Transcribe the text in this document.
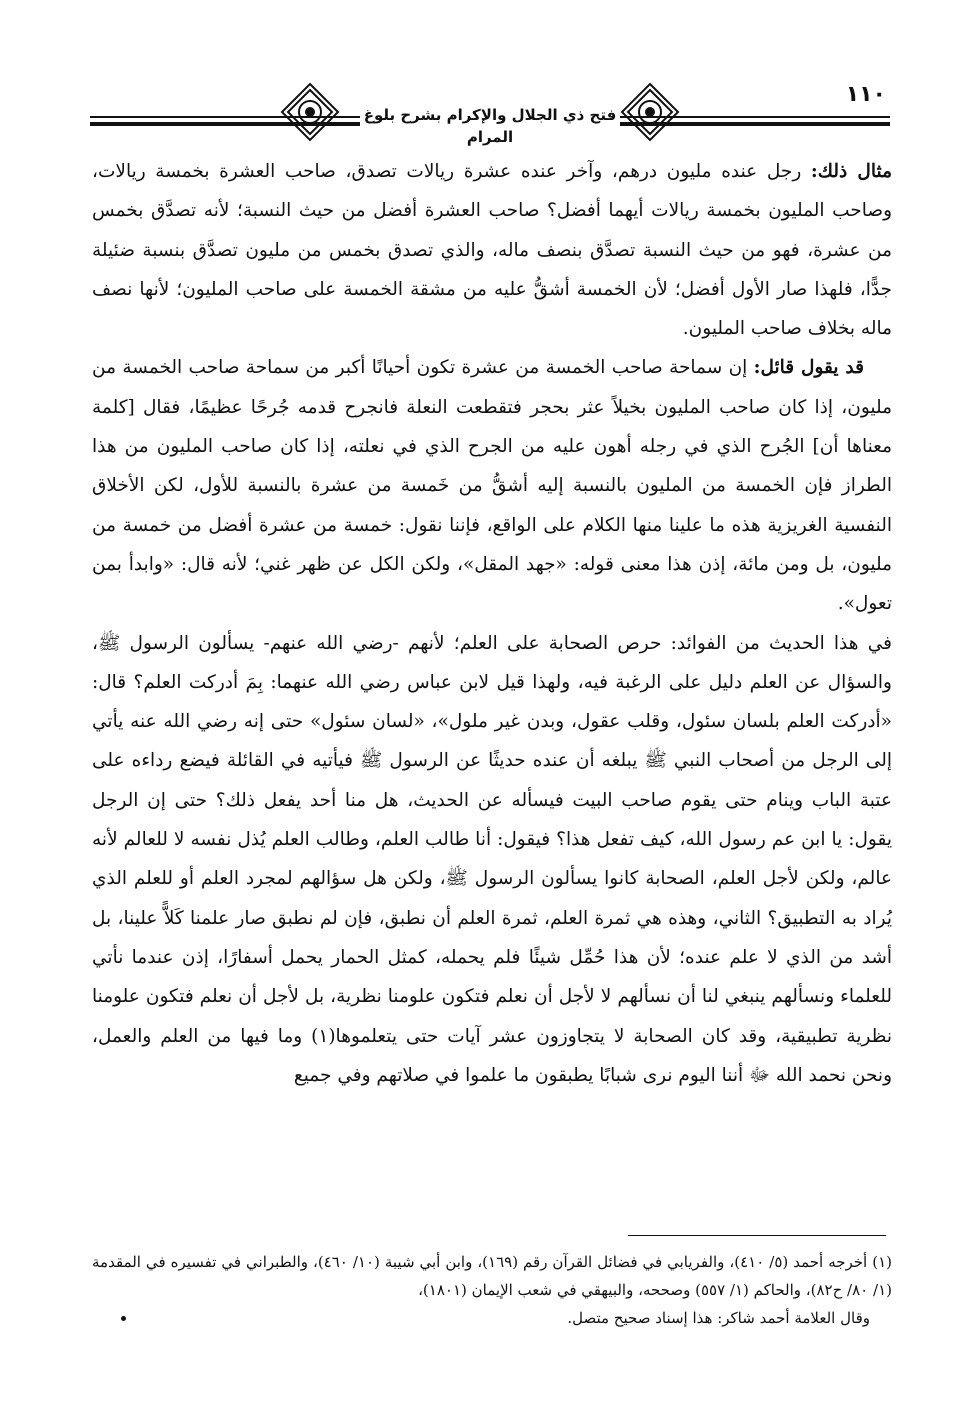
فتح ذي الجلال والإكرام بشرح بلوغ المرام
١١٠

مثال ذلك: رجل عنده مليون درهم، وآخر عنده عشرة ريالات تصدق، صاحب العشرة بخمسة ريالات، وصاحب المليون بخمسة ريالات أيهما أفضل؟ صاحب العشرة أفضل من حيث النسبة؛ لأنه تصدَّق بخمس من عشرة، فهو من حيث النسبة تصدَّق بنصف ماله، والذي تصدق بخمس من مليون تصدَّق بنسبة ضئيلة جدًّا، فلهذا صار الأول أفضل؛ لأن الخمسة أشقُّ عليه من مشقة الخمسة على صاحب المليون؛ لأنها نصف ماله بخلاف صاحب المليون.

قد يقول قائل: إن سماحة صاحب الخمسة من عشرة تكون أحيانًا أكبر من سماحة صاحب الخمسة من مليون، إذا كان صاحب المليون بخيلاً عثر بحجر فتقطعت النعلة فانجرح قدمه جُرحًا عظيمًا، فقال [كلمة معناها أن] الجُرح الذي في رجله أهون عليه من الجرح الذي في نعلته، إذا كان صاحب المليون من هذا الطراز فإن الخمسة من المليون بالنسبة إليه أشقُّ من خَمسة من عشرة بالنسبة للأول، لكن الأخلاق النفسية الغريزية هذه ما علينا منها الكلام على الواقع، فإننا نقول: خمسة من عشرة أفضل من خمسة من مليون، بل ومن مائة، إذن هذا معنى قوله: «جهد المقل»، ولكن الكل عن ظهر غني؛ لأنه قال: «وابدأ بمن تعول».

في هذا الحديث من الفوائد: حرص الصحابة على العلم؛ لأنهم -رضي الله عنهم- يسألون الرسول ﷺ، والسؤال عن العلم دليل على الرغبة فيه، ولهذا قيل لابن عباس رضي الله عنهما: بِمَ أدركت العلم؟ قال: «أدركت العلم بلسان سئول، وقلب عقول، وبدن غير ملول»، «لسان سئول» حتى إنه رضي الله عنه يأتي إلى الرجل من أصحاب النبي ﷺ يبلغه أن عنده حديثًا عن الرسول ﷺ فيأتيه في القائلة فيضع رداءه على عتبة الباب وينام حتى يقوم صاحب البيت فيسأله عن الحديث، هل منا أحد يفعل ذلك؟ حتى إن الرجل يقول: يا ابن عم رسول الله، كيف تفعل هذا؟ فيقول: أنا طالب العلم، وطالب العلم يُذل نفسه لا للعالم لأنه عالم، ولكن لأجل العلم، الصحابة كانوا يسألون الرسول ﷺ، ولكن هل سؤالهم لمجرد العلم أو للعلم الذي يُراد به التطبيق؟ الثاني، وهذه هي ثمرة العلم، ثمرة العلم أن نطبق، فإن لم نطبق صار علمنا كَلاًّ علينا، بل أشد من الذي لا علم عنده؛ لأن هذا حُمِّل شيئًا فلم يحمله، كمثل الحمار يحمل أسفارًا، إذن عندما نأتي للعلماء ونسألهم ينبغي لنا أن نسألهم لا لأجل أن نعلم فتكون علومنا نظرية، بل لأجل أن نعلم فتكون علومنا نظرية تطبيقية، وقد كان الصحابة لا يتجاوزون عشر آيات حتى يتعلموها(١) وما فيها من العلم والعمل، ونحن نحمد الله ﷻ أننا اليوم نرى شبابًا يطبقون ما علموا في صلاتهم وفي جميع

(١) أخرجه أحمد (٥/ ٤١٠)، والفريابي في فضائل القرآن رقم (١٦٩)، وابن أبي شيبة (١٠/ ٤٦٠)، والطبراني في تفسيره في المقدمة (١/ ٨٠/ ح٨٢)، والحاكم (١/ ٥٥٧) وصححه، والبيهقي في شعب الإيمان (١٨٠١)،

وقال العلامة أحمد شاكر: هذا إسناد صحيح متصل.
